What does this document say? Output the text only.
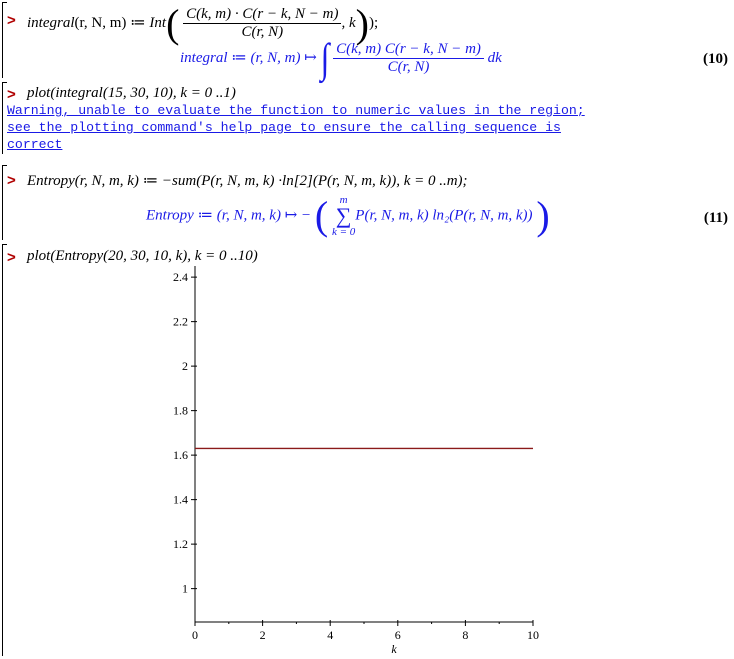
> integral(r, N, m) ≔ $Int( \frac{C(k, m) \cdot C(r - k, N - m)}{C(r, N)}$ , k));
integral ≔ (r, N, m) ↦ ∫ $\frac{C(k, m) C(r - k, N - m)}{C(r, N)}$ dk	(10)
> plot(integral(15, 30, 10), k = 0 ..1)
Warning, unable to evaluate the function to numeric values in the region;
see the plotting command's help page to ensure the calling sequence is
correct
> Entropy(r, N, m, k) ≔ −sum(P(r, N, m, k) ·ln[2](P(r, N, m, k)), k = 0 ..m);
Entropy ≔ (r, N, m, k) ↦ − (	m
∑
k = 0
P(r, N, m, k) ln₂(P(r, N, m, k)) )	(11)
> plot(Entropy(20, 30, 10, k), k = 0 ..10)
1
1.2
1.4
1.6
1.8
2
2.2
2.4
0	2	4	6	8	10
k
